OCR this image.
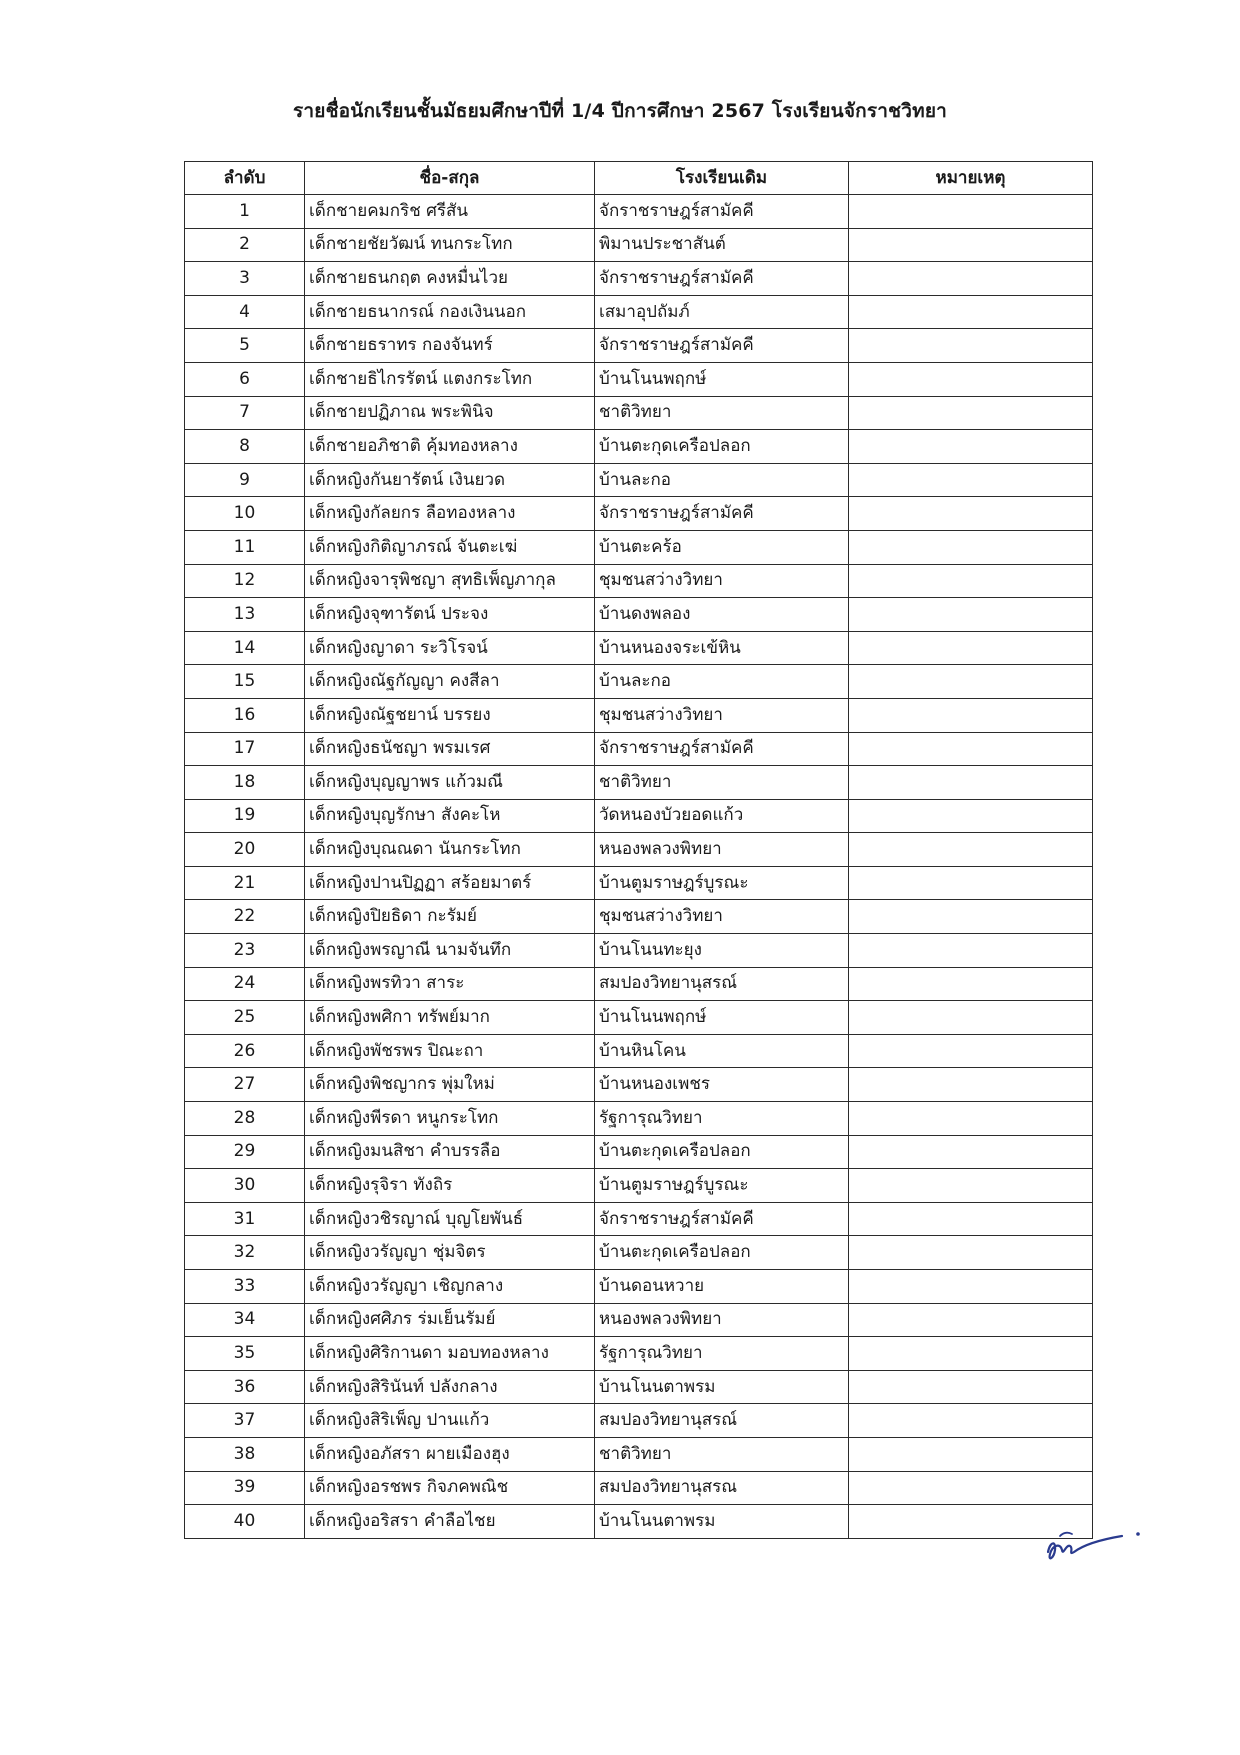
รายชื่อนักเรียนชั้นมัธยมศึกษาปีที่ 1/4 ปีการศึกษา 2567 โรงเรียนจักราชวิทยา
ลำดับ	ชื่อ-สกุล	โรงเรียนเดิม	หมายเหตุ
1	เด็กชายคมกริช ศรีสัน	จักราชราษฎร์สามัคคี	
2	เด็กชายชัยวัฒน์ ทนกระโทก	พิมานประชาสันต์	
3	เด็กชายธนกฤต คงหมื่นไวย	จักราชราษฎร์สามัคคี	
4	เด็กชายธนากรณ์ กองเงินนอก	เสมาอุปถัมภ์	
5	เด็กชายธราทร กองจันทร์	จักราชราษฎร์สามัคคี	
6	เด็กชายธิไกรรัตน์ แตงกระโทก	บ้านโนนพฤกษ์	
7	เด็กชายปฏิภาณ พระพินิจ	ชาติวิทยา	
8	เด็กชายอภิชาติ คุ้มทองหลาง	บ้านตะกุดเครือปลอก	
9	เด็กหญิงกันยารัตน์ เงินยวด	บ้านละกอ	
10	เด็กหญิงกัลยกร ลือทองหลาง	จักราชราษฎร์สามัคคี	
11	เด็กหญิงกิติญาภรณ์ จันตะเฆ่	บ้านตะคร้อ	
12	เด็กหญิงจารุพิชญา สุทธิเพ็ญภากุล	ชุมชนสว่างวิทยา	
13	เด็กหญิงจุฑารัตน์ ประจง	บ้านดงพลอง	
14	เด็กหญิงญาดา ระวิโรจน์	บ้านหนองจระเข้หิน	
15	เด็กหญิงณัฐกัญญา คงสีลา	บ้านละกอ	
16	เด็กหญิงณัฐชยาน์ บรรยง	ชุมชนสว่างวิทยา	
17	เด็กหญิงธนัชญา พรมเรศ	จักราชราษฎร์สามัคคี	
18	เด็กหญิงบุญญาพร แก้วมณี	ชาติวิทยา	
19	เด็กหญิงบุญรักษา สังคะโห	วัดหนองบัวยอดแก้ว	
20	เด็กหญิงบุณณดา นันกระโทก	หนองพลวงพิทยา	
21	เด็กหญิงปานปิฏฏา สร้อยมาตร์	บ้านตูมราษฎร์บูรณะ	
22	เด็กหญิงปิยธิดา กะรัมย์	ชุมชนสว่างวิทยา	
23	เด็กหญิงพรญาณี นามจันทึก	บ้านโนนทะยุง	
24	เด็กหญิงพรทิวา สาระ	สมปองวิทยานุสรณ์	
25	เด็กหญิงพศิกา ทรัพย์มาก	บ้านโนนพฤกษ์	
26	เด็กหญิงพัชรพร ปิณะถา	บ้านหินโคน	
27	เด็กหญิงพิชญากร พุ่มใหม่	บ้านหนองเพชร	
28	เด็กหญิงพีรดา หนูกระโทก	รัฐการุณวิทยา	
29	เด็กหญิงมนสิชา คำบรรลือ	บ้านตะกุดเครือปลอก	
30	เด็กหญิงรุจิรา ทังถิร	บ้านตูมราษฎร์บูรณะ	
31	เด็กหญิงวชิรญาณ์ บุญโยพันธ์	จักราชราษฎร์สามัคคี	
32	เด็กหญิงวรัญญา ชุ่มจิตร	บ้านตะกุดเครือปลอก	
33	เด็กหญิงวรัญญา เชิญกลาง	บ้านดอนหวาย	
34	เด็กหญิงศศิภร ร่มเย็นรัมย์	หนองพลวงพิทยา	
35	เด็กหญิงศิริกานดา มอบทองหลาง	รัฐการุณวิทยา	
36	เด็กหญิงสิรินันท์ ปลังกลาง	บ้านโนนตาพรม	
37	เด็กหญิงสิริเพ็ญ ปานแก้ว	สมปองวิทยานุสรณ์	
38	เด็กหญิงอภัสรา ผายเมืองฮุง	ชาติวิทยา	
39	เด็กหญิงอรชพร กิจภคพณิช	สมปองวิทยานุสรณ	
40	เด็กหญิงอริสรา คำลือไชย	บ้านโนนตาพรม	
